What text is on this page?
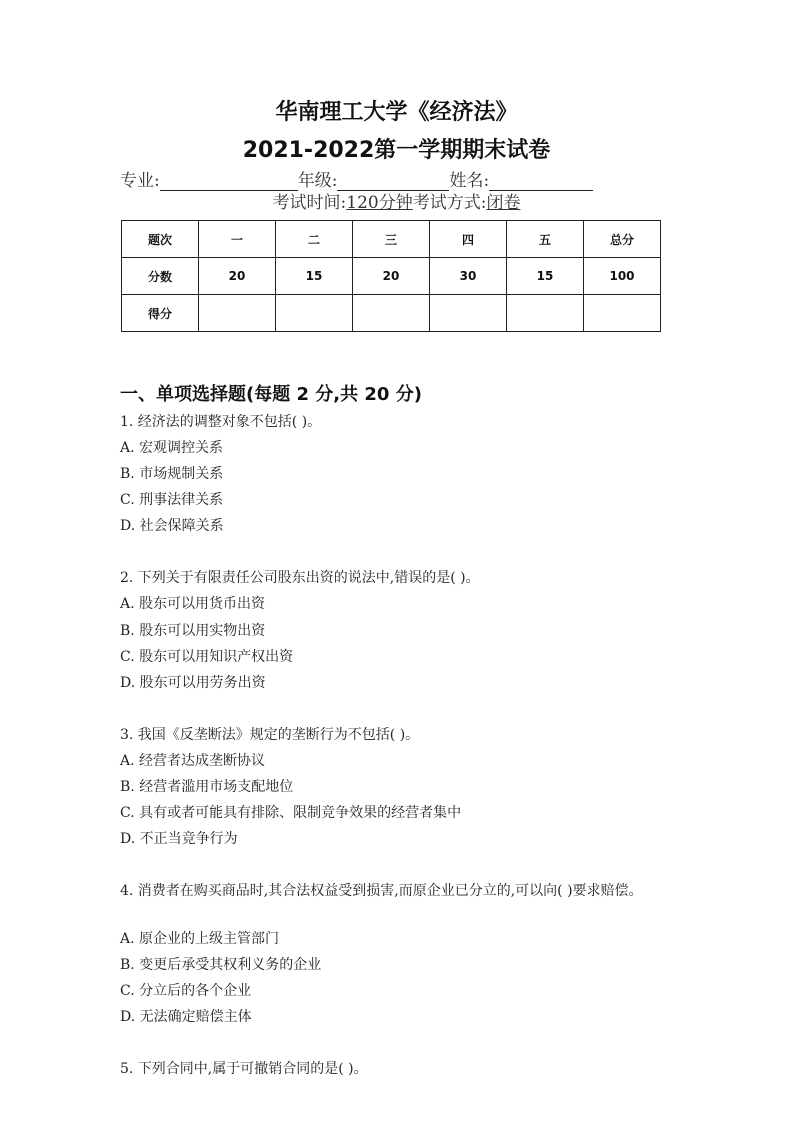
华南理工大学《经济法》
2021-2022第一学期期末试卷
专业:	年级:	姓名:
考试时间:120分钟考试方式:闭卷
题次	一	二	三	四	五	总分
分数	20	15	20	30	15	100
得分						
一、单项选择题(每题 2 分,共 20 分)
1. 经济法的调整对象不包括( )。
A. 宏观调控关系
B. 市场规制关系
C. 刑事法律关系
D. 社会保障关系
2. 下列关于有限责任公司股东出资的说法中,错误的是( )。
A. 股东可以用货币出资
B. 股东可以用实物出资
C. 股东可以用知识产权出资
D. 股东可以用劳务出资
3. 我国《反垄断法》规定的垄断行为不包括( )。
A. 经营者达成垄断协议
B. 经营者滥用市场支配地位
C. 具有或者可能具有排除、限制竞争效果的经营者集中
D. 不正当竞争行为
4. 消费者在购买商品时,其合法权益受到损害,而原企业已分立的,可以向( )要求赔偿。
A. 原企业的上级主管部门
B. 变更后承受其权利义务的企业
C. 分立后的各个企业
D. 无法确定赔偿主体
5. 下列合同中,属于可撤销合同的是( )。
